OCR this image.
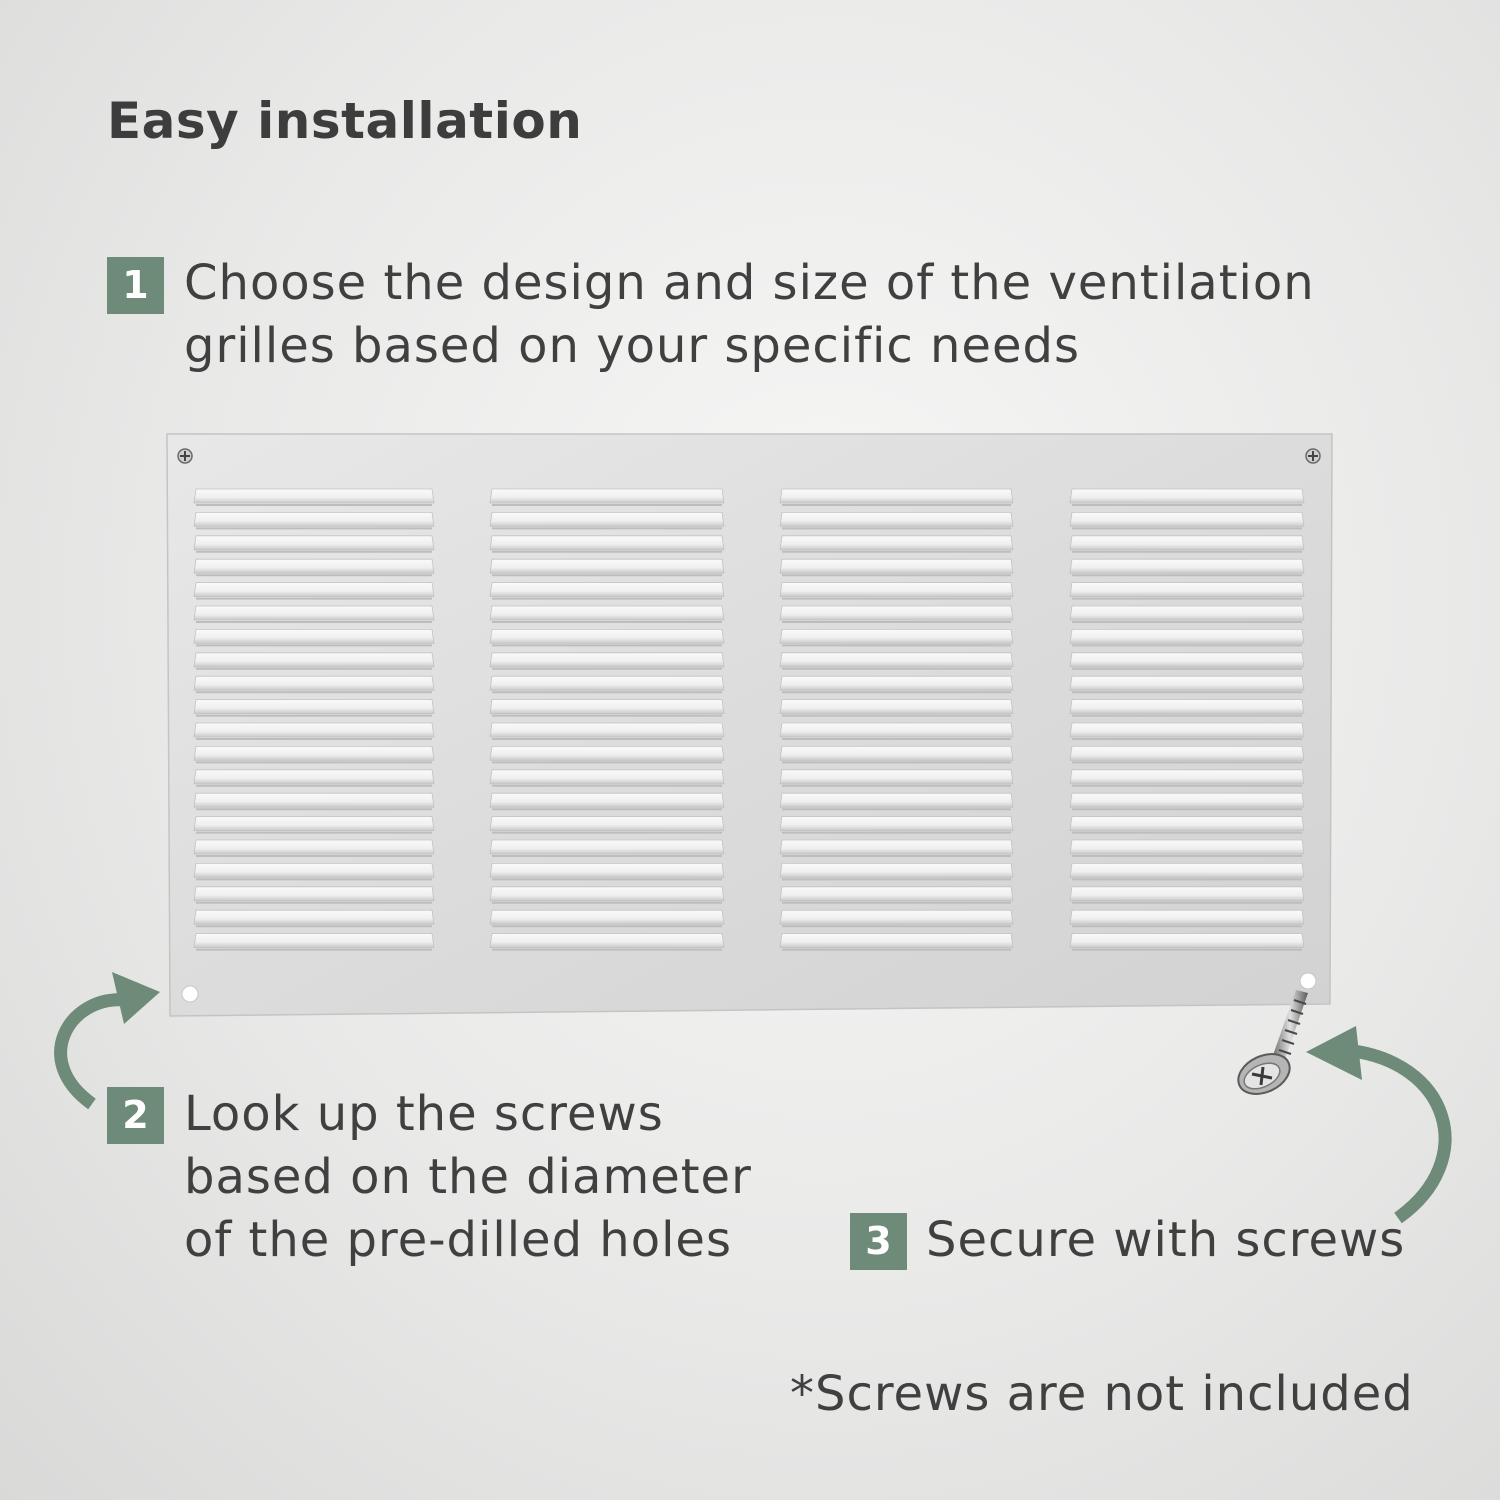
Easy installation
1 Choose the design and size of the ventilation
grilles based on your specific needs
2 Look up the screws
based on the diameter
of the pre-dilled holes	3 Secure with screws
*Screws are not included
